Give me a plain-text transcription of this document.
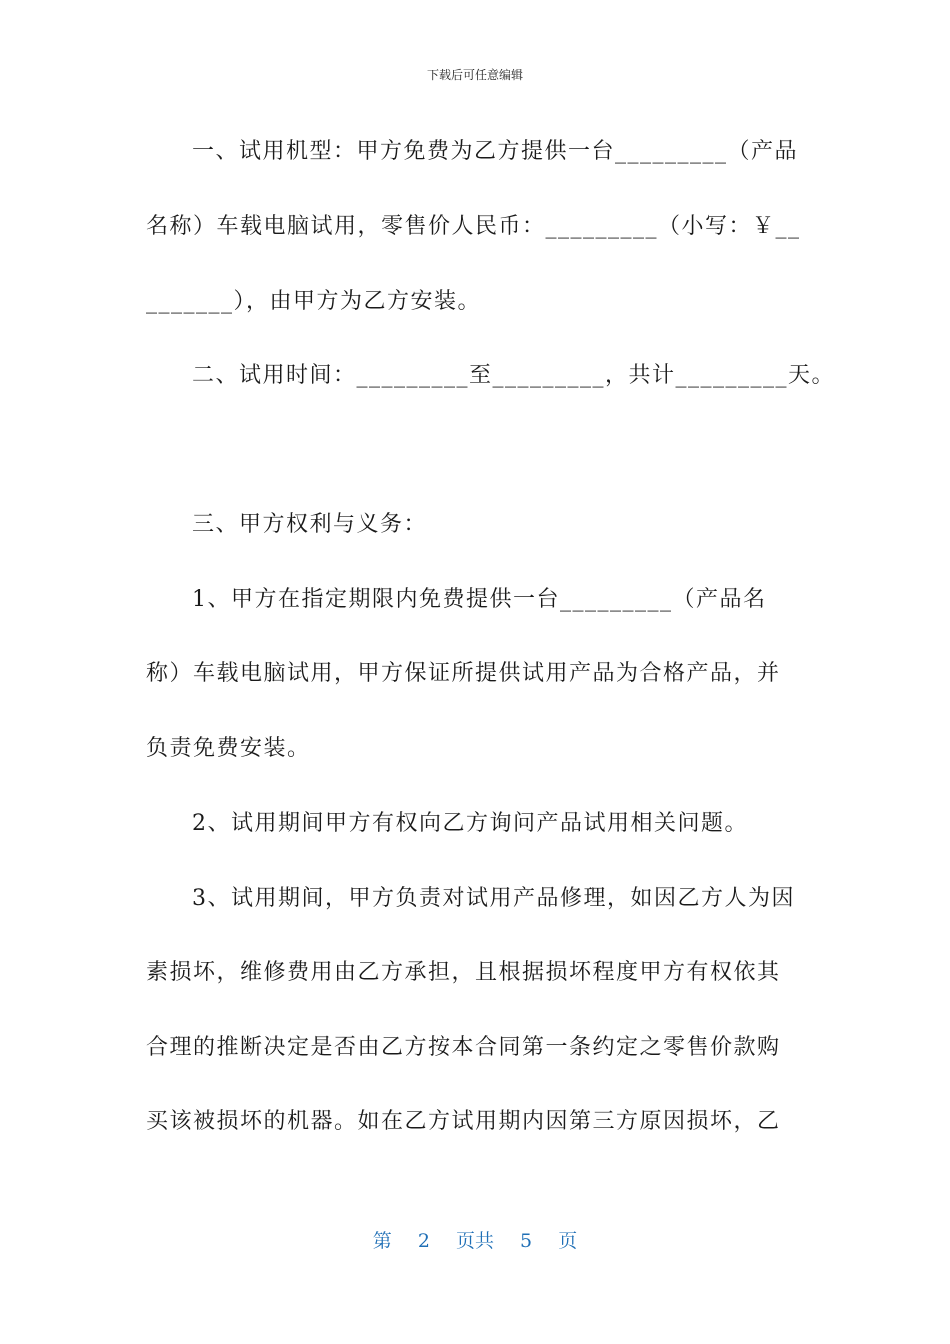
下载后可任意编辑
一、试用机型：甲方免费为乙方提供一台_________（产品
名称）车载电脑试用，零售价人民币：_________（小写：￥__
_______），由甲方为乙方安装。
二、试用时间：_________至_________，共计_________天。
三、甲方权利与义务：
1、甲方在指定期限内免费提供一台_________（产品名
称）车载电脑试用，甲方保证所提供试用产品为合格产品，并
负责免费安装。
2、试用期间甲方有权向乙方询问产品试用相关问题。
3、试用期间，甲方负责对试用产品修理，如因乙方人为因
素损坏，维修费用由乙方承担，且根据损坏程度甲方有权依其
合理的推断决定是否由乙方按本合同第一条约定之零售价款购
买该被损坏的机器。如在乙方试用期内因第三方原因损坏，乙
第 2 页共 5 页
